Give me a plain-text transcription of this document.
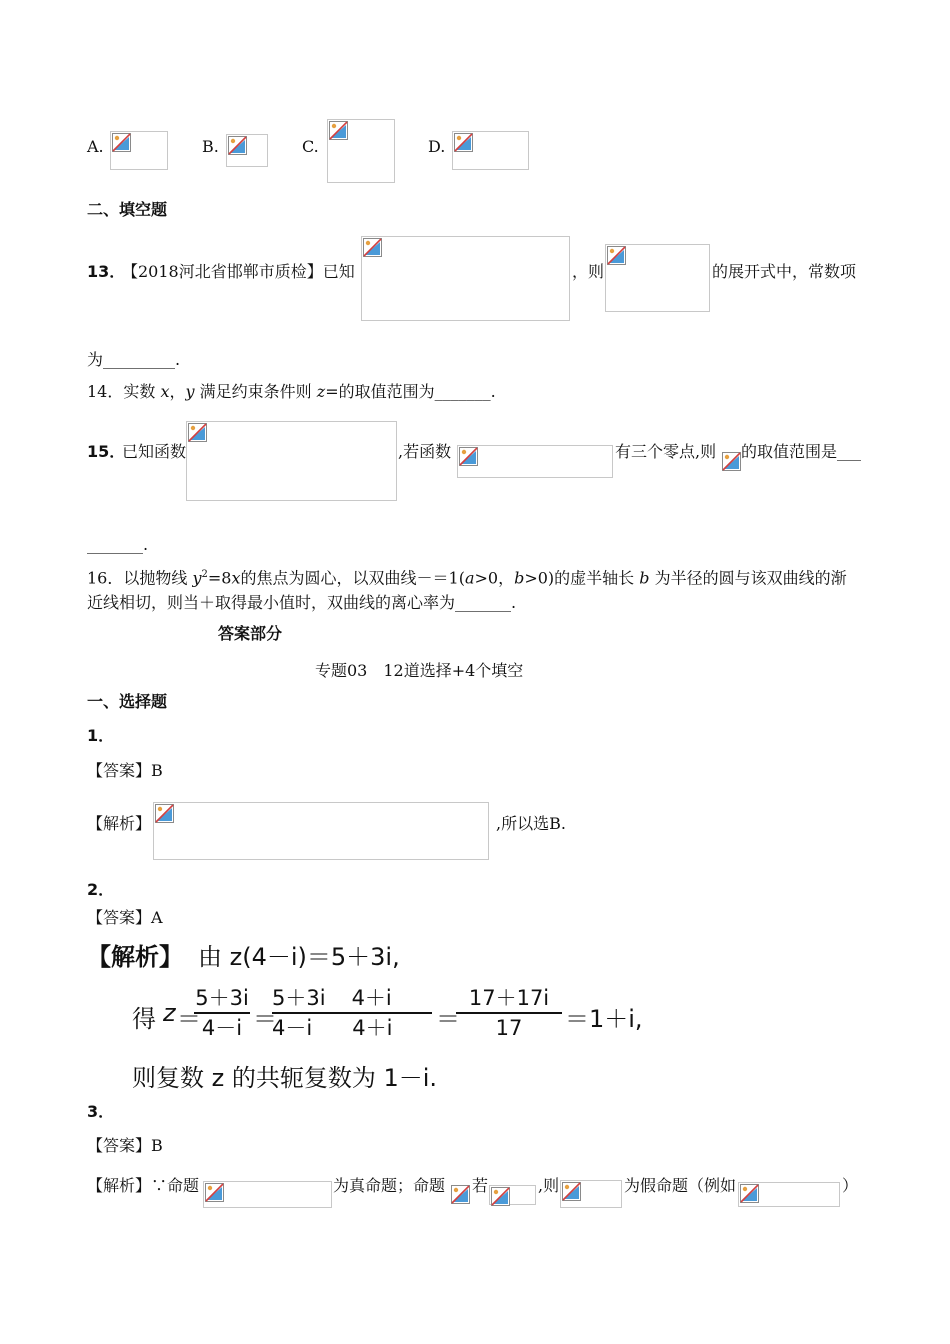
A.	B.	C.	D.
二、填空题
13．
【2018河北省邯郸市质检】已知	，则	的展开式中，常数项
为_________.
14．实数 x，y 满足约束条件则 z=的取值范围为_______.
15．
已知函数	,若函数	有三个零点,则 的取值范围是___
_______.
16．以抛物线 $y^2=8x$的焦点为圆心，以双曲线－＝1(a>0，b>0)的虚半轴长 b 为半径的圆与该双曲线的渐
近线相切，则当＋取得最小值时，双曲线的离心率为_______.
答案部分
专题03　12道选择+4个填空
一、选择题
1．
【答案】B
【解析】	,所以选B.
2．
【答案】A
【解析】 由 z(4－i)＝5＋3i,
得 z ＝
5＋3i
4－i ＝
5＋3i 4＋i
4－i 4＋i	＝
17＋17i
17	＝1＋i,
则复数 z 的共轭复数为 1－i.
3．
【答案】B
【解析】∵命题	为真命题；命题 若	,则	为假命题（例如	）
